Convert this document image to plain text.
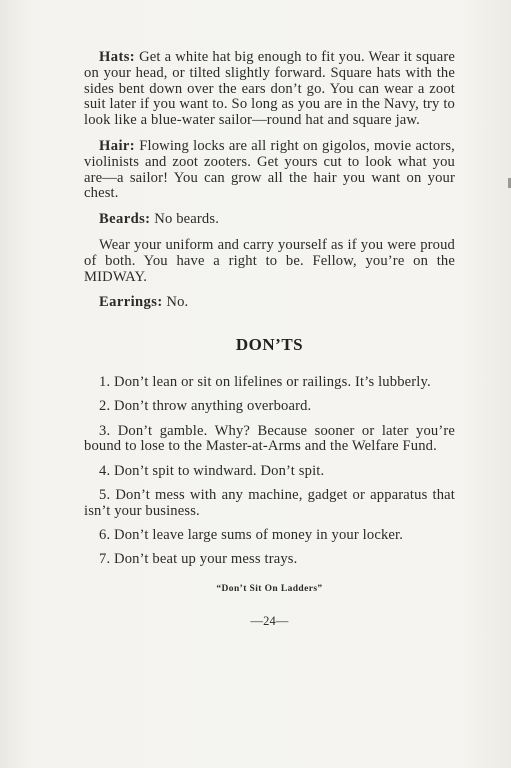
Hats: Get a white hat big enough to fit you. Wear it square on your head, or tilted slightly forward. Square hats with the sides bent down over the ears don’t go. You can wear a zoot suit later if you want to. So long as you are in the Navy, try to look like a blue-water sailor—round hat and square jaw.

Hair: Flowing locks are all right on gigolos, movie actors, violinists and zoot zooters. Get yours cut to look what you are—a sailor! You can grow all the hair you want on your chest.

Beards: No beards.

Wear your uniform and carry yourself as if you were proud of both. You have a right to be. Fellow, you’re on the MIDWAY.

Earrings: No.

DON’TS
1. Don’t lean or sit on lifelines or railings. It’s lubberly.
2. Don’t throw anything overboard.
3. Don’t gamble. Why? Because sooner or later you’re bound to lose to the Master-at-Arms and the Welfare Fund.
4. Don’t spit to windward. Don’t spit.
5. Don’t mess with any machine, gadget or apparatus that isn’t your business.
6. Don’t leave large sums of money in your locker.
7. Don’t beat up your mess trays.
“Don’t Sit On Ladders”
—24—
